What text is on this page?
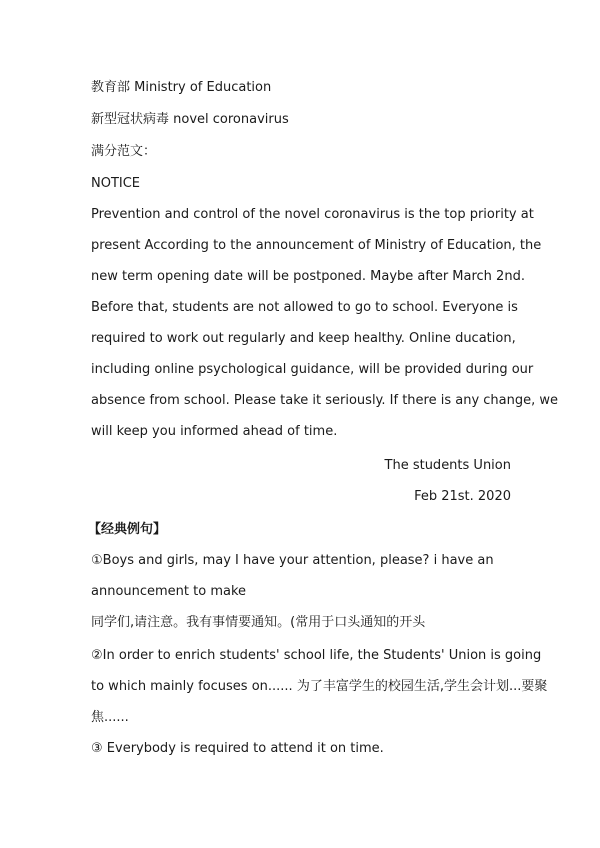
教育部 Ministry of Education
新型冠状病毒 novel coronavirus
满分范文：
NOTICE
Prevention and control of the novel coronavirus is the top priority at
present According to the announcement of Ministry of Education, the
new term opening date will be postponed. Maybe after March 2nd.
Before that, students are not allowed to go to school. Everyone is
required to work out regularly and keep healthy. Online ducation,
including online psychological guidance, will be provided during our
absence from school. Please take it seriously. If there is any change, we
will keep you informed ahead of time.
The students Union
Feb 21st. 2020
【经典例句】
①Boys and girls, may I have your attention, please? i have an
announcement to make
同学们,请注意。我有事情要通知。(常用于口头通知的开头
②In order to enrich students' school life, the Students' Union is going
to which mainly focuses on...... 为了丰富学生的校园生活,学生会计划...要聚
焦......
③ Everybody is required to attend it on time.
